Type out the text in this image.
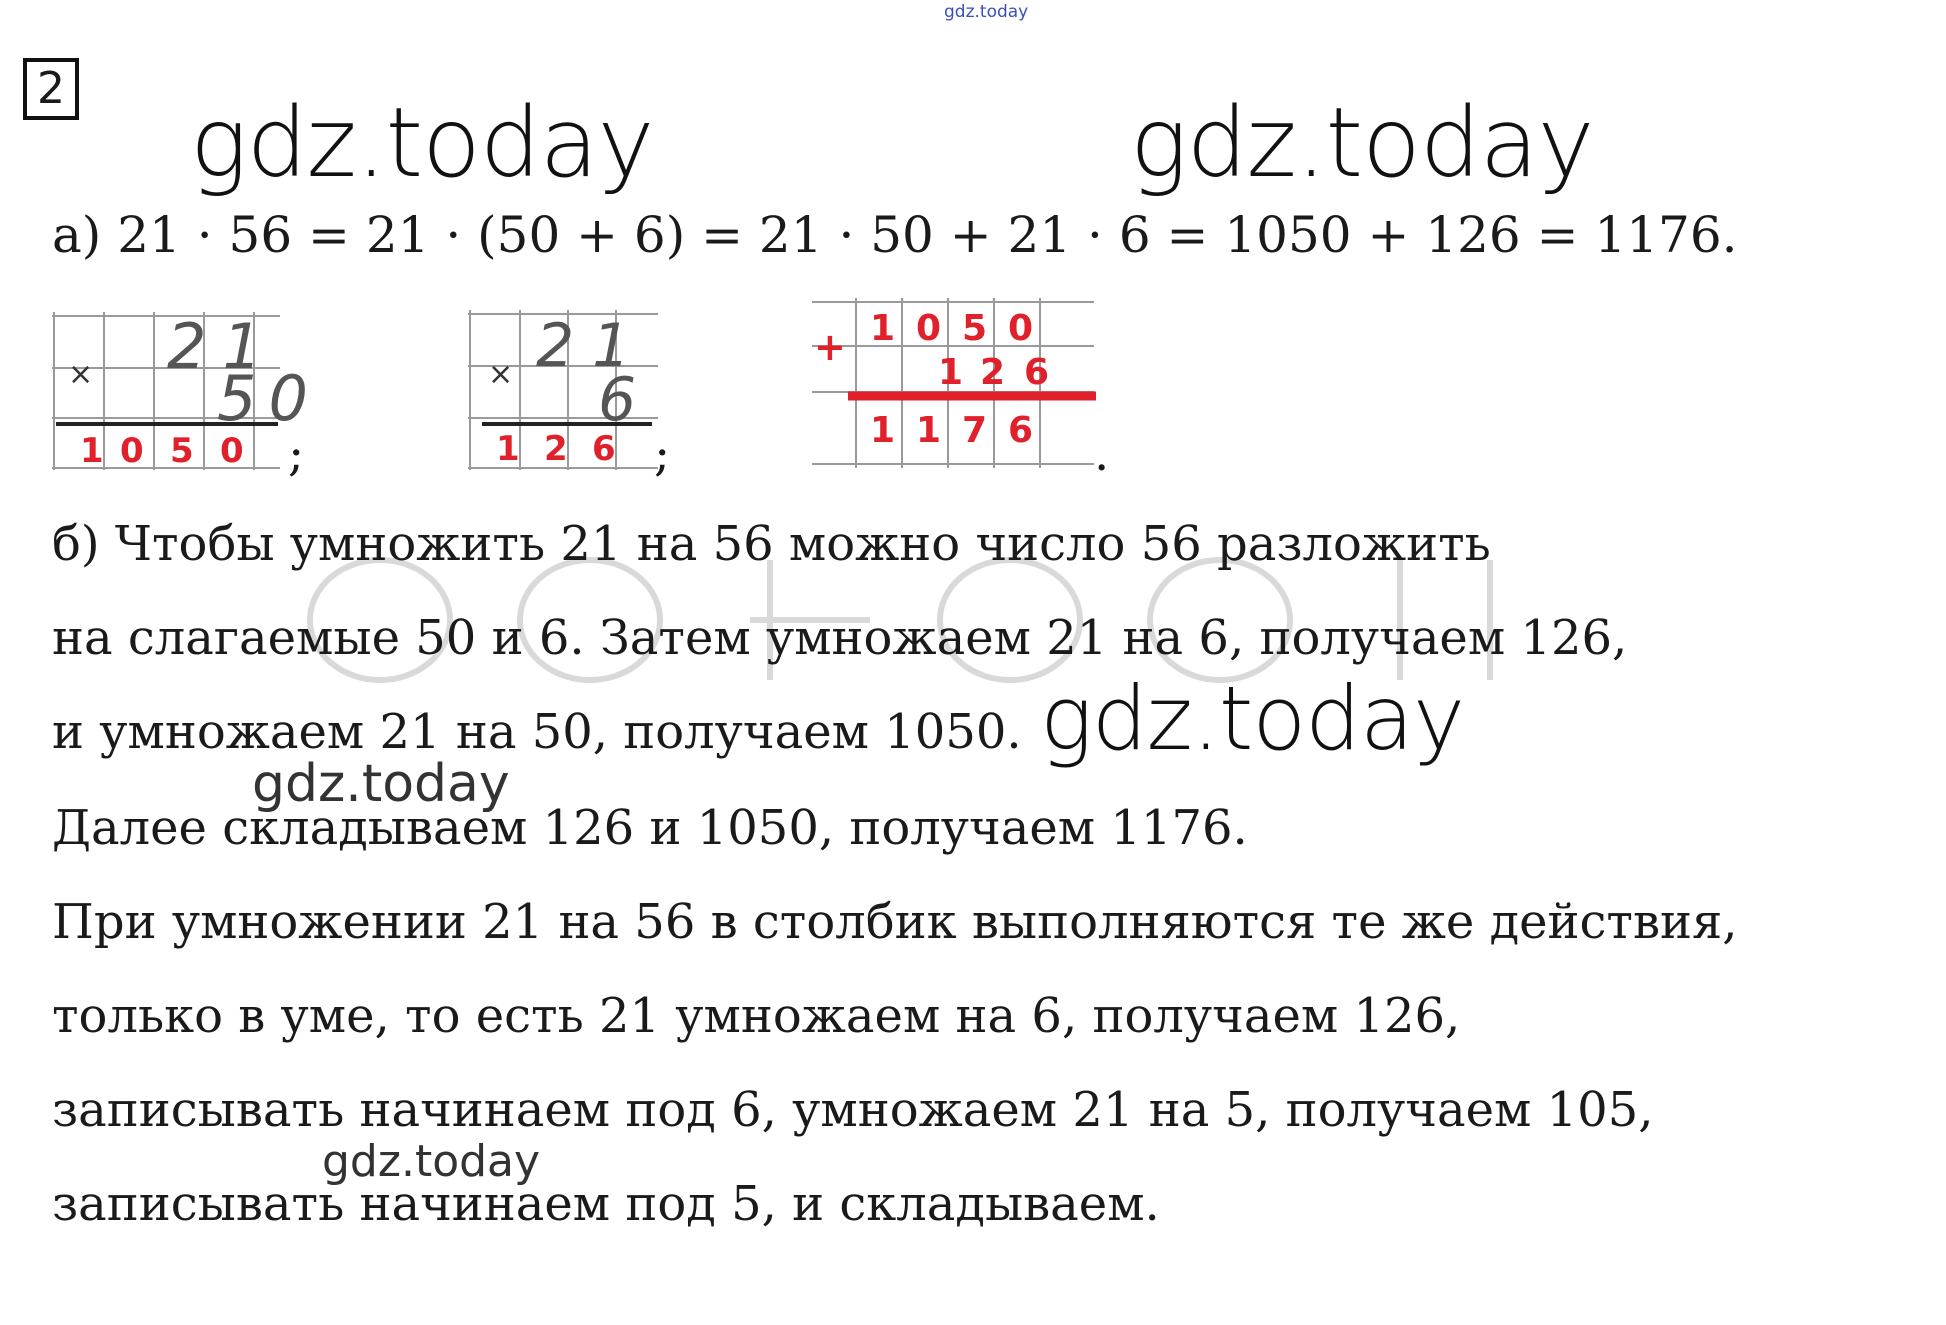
gdz.today
2 gdz.today	gdz.today
а) 21 · 56 = 21 · (50 + 6) = 21 · 50 + 21 · 6 = 1050 + 126 = 1176.
× 21
50
1 0 5 0 ;
× 21
6
1 2 6 ;
+ 1 0 5 0
1 2 6
1 1 7 6 .
б) Чтобы умножить 21 на 56 можно число 56 разложить
на слагаемые 50 и 6. Затем умножаем 21 на 6, получаем 126,
и умножаем 21 на 50, получаем 1050. gdz.today
gdz.today
Далее складываем 126 и 1050, получаем 1176.
При умножении 21 на 56 в столбик выполняются те же действия,
только в уме, то есть 21 умножаем на 6, получаем 126,
записывать начинаем под 6, умножаем 21 на 5, получаем 105,
gdz.today
записывать начинаем под 5, и складываем.
